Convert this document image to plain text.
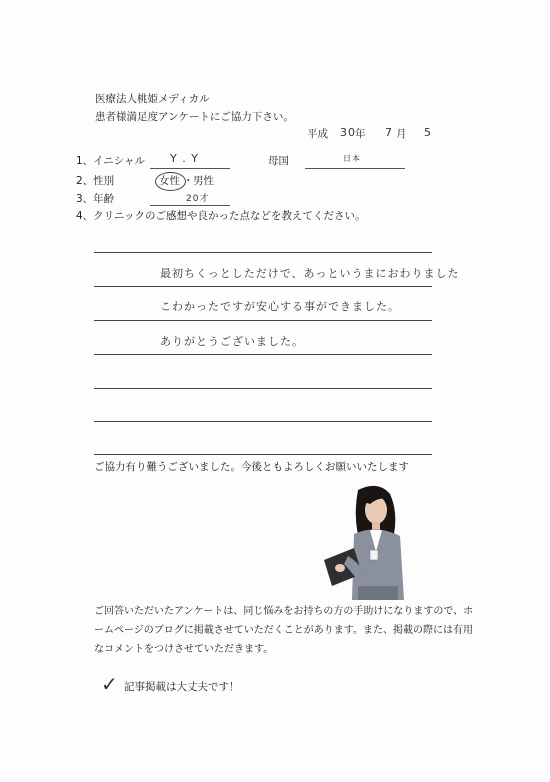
医療法人桃姫メディカル
患者様満足度アンケートにご協力下さい。
平成 30 年 7 月 5
1、イニシャル Y . Y	母国	日本
2、性別	女性 ・ 男性
3、年齢	20才
4、クリニックのご感想や良かった点などを教えてください。
最初ちくっとしただけで、あっというまにおわりました
こわかったですが安心する事ができました。
ありがとうございました。
ご協力有り難うございました。今後ともよろしくお願いいたします
ご回答いただいたアンケートは、同じ悩みをお持ちの方の手助けになりますので、ホ
ームページのブログに掲載させていただくことがあります。また、掲載の際には有用
なコメントをつけさせていただきます。
✓ 記事掲載は大丈夫です！
